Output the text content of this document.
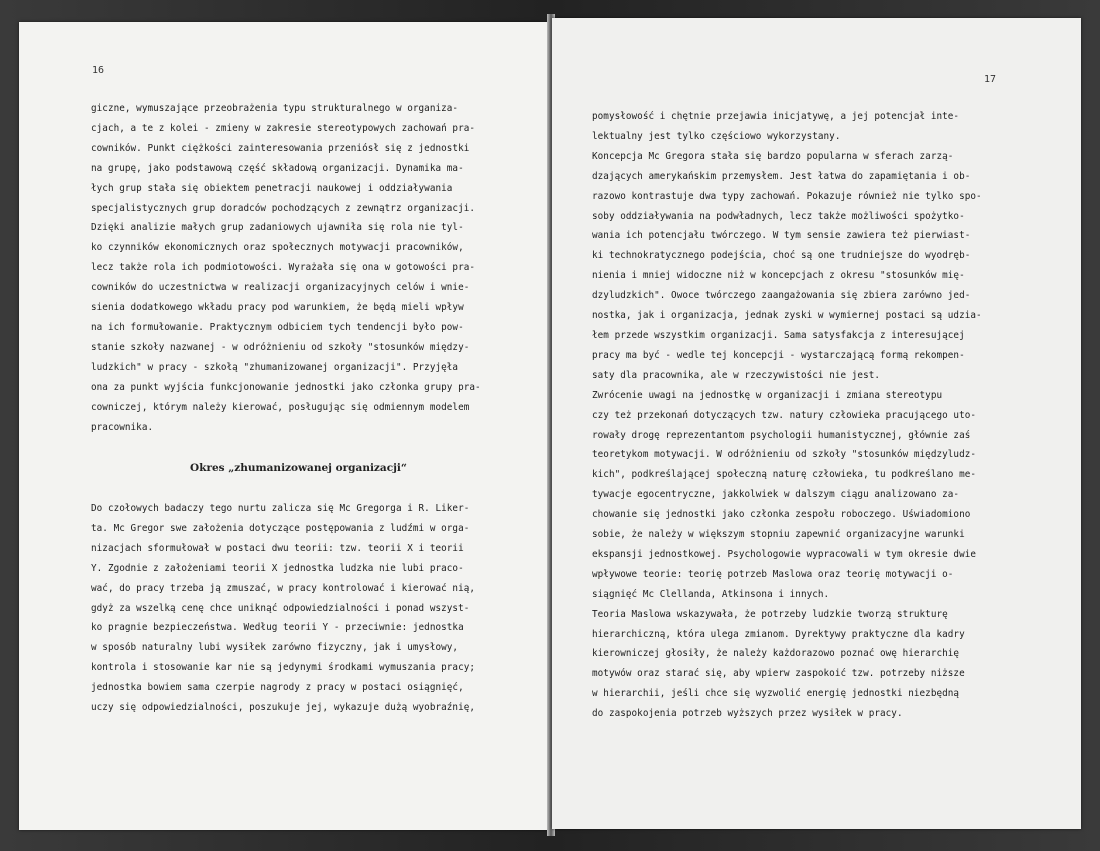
16
giczne, wymuszające przeobrażenia typu strukturalnego w organiza-
cjach, a te z kolei - zmieny w zakresie stereotypowych zachowań pra-
cowników. Punkt ciężkości zainteresowania przeniósł się z jednostki
na grupę, jako podstawową część składową organizacji. Dynamika ma-
łych grup stała się obiektem penetracji naukowej i oddziaływania
specjalistycznych grup doradców pochodzących z zewnątrz organizacji.
Dzięki analizie małych grup zadaniowych ujawniła się rola nie tyl-
ko czynników ekonomicznych oraz społecznych motywacji pracowników,
lecz także rola ich podmiotowości. Wyrażała się ona w gotowości pra-
cowników do uczestnictwa w realizacji organizacyjnych celów i wnie-
sienia dodatkowego wkładu pracy pod warunkiem, że będą mieli wpływ
na ich formułowanie. Praktycznym odbiciem tych tendencji było pow-
stanie szkoły nazwanej - w odróżnieniu od szkoły "stosunków między-
ludzkich" w pracy - szkołą "zhumanizowanej organizacji". Przyjęła
ona za punkt wyjścia funkcjonowanie jednostki jako członka grupy pra-
cowniczej, którym należy kierować, posługując się odmiennym modelem
pracownika.
Okres „zhumanizowanej organizacji“
Do czołowych badaczy tego nurtu zalicza się Mc Gregorga i R. Liker-
ta. Mc Gregor swe założenia dotyczące postępowania z ludźmi w orga-
nizacjach sformułował w postaci dwu teorii: tzw. teorii X i teorii
Y. Zgodnie z założeniami teorii X jednostka ludzka nie lubi praco-
wać, do pracy trzeba ją zmuszać, w pracy kontrolować i kierować nią,
gdyż za wszelką cenę chce uniknąć odpowiedzialności i ponad wszyst-
ko pragnie bezpieczeństwa. Według teorii Y - przeciwnie: jednostka
w sposób naturalny lubi wysiłek zarówno fizyczny, jak i umysłowy,
kontrola i stosowanie kar nie są jedynymi środkami wymuszania pracy;
jednostka bowiem sama czerpie nagrody z pracy w postaci osiągnięć,
uczy się odpowiedzialności, poszukuje jej, wykazuje dużą wyobraźnię,
17
pomysłowość i chętnie przejawia inicjatywę, a jej potencjał inte-
lektualny jest tylko częściowo wykorzystany.
Koncepcja Mc Gregora stała się bardzo popularna w sferach zarzą-
dzających amerykańskim przemysłem. Jest łatwa do zapamiętania i ob-
razowo kontrastuje dwa typy zachowań. Pokazuje również nie tylko spo-
soby oddziaływania na podwładnych, lecz także możliwości spożytko-
wania ich potencjału twórczego. W tym sensie zawiera też pierwiast-
ki technokratycznego podejścia, choć są one trudniejsze do wyodręb-
nienia i mniej widoczne niż w koncepcjach z okresu "stosunków mię-
dzyludzkich". Owoce twórczego zaangażowania się zbiera zarówno jed-
nostka, jak i organizacja, jednak zyski w wymiernej postaci są udzia-
łem przede wszystkim organizacji. Sama satysfakcja z interesującej
pracy ma być - wedle tej koncepcji - wystarczającą formą rekompen-
saty dla pracownika, ale w rzeczywistości nie jest.
Zwrócenie uwagi na jednostkę w organizacji i zmiana stereotypu
czy też przekonań dotyczących tzw. natury człowieka pracującego uto-
rowały drogę reprezentantom psychologii humanistycznej, głównie zaś
teoretykom motywacji. W odróżnieniu od szkoły "stosunków międzyludz-
kich", podkreślającej społeczną naturę człowieka, tu podkreślano me-
tywacje egocentryczne, jakkolwiek w dalszym ciągu analizowano za-
chowanie się jednostki jako członka zespołu roboczego. Uświadomiono
sobie, że należy w większym stopniu zapewnić organizacyjne warunki
ekspansji jednostkowej. Psychologowie wypracowali w tym okresie dwie
wpływowe teorie: teorię potrzeb Maslowa oraz teorię motywacji o-
siągnięć Mc Clellanda, Atkinsona i innych.
Teoria Maslowa wskazywała, że potrzeby ludzkie tworzą strukturę
hierarchiczną, która ulega zmianom. Dyrektywy praktyczne dla kadry
kierowniczej głosiły, że należy każdorazowo poznać owę hierarchię
motywów oraz starać się, aby wpierw zaspokoić tzw. potrzeby niższe
w hierarchii, jeśli chce się wyzwolić energię jednostki niezbędną
do zaspokojenia potrzeb wyższych przez wysiłek w pracy.
